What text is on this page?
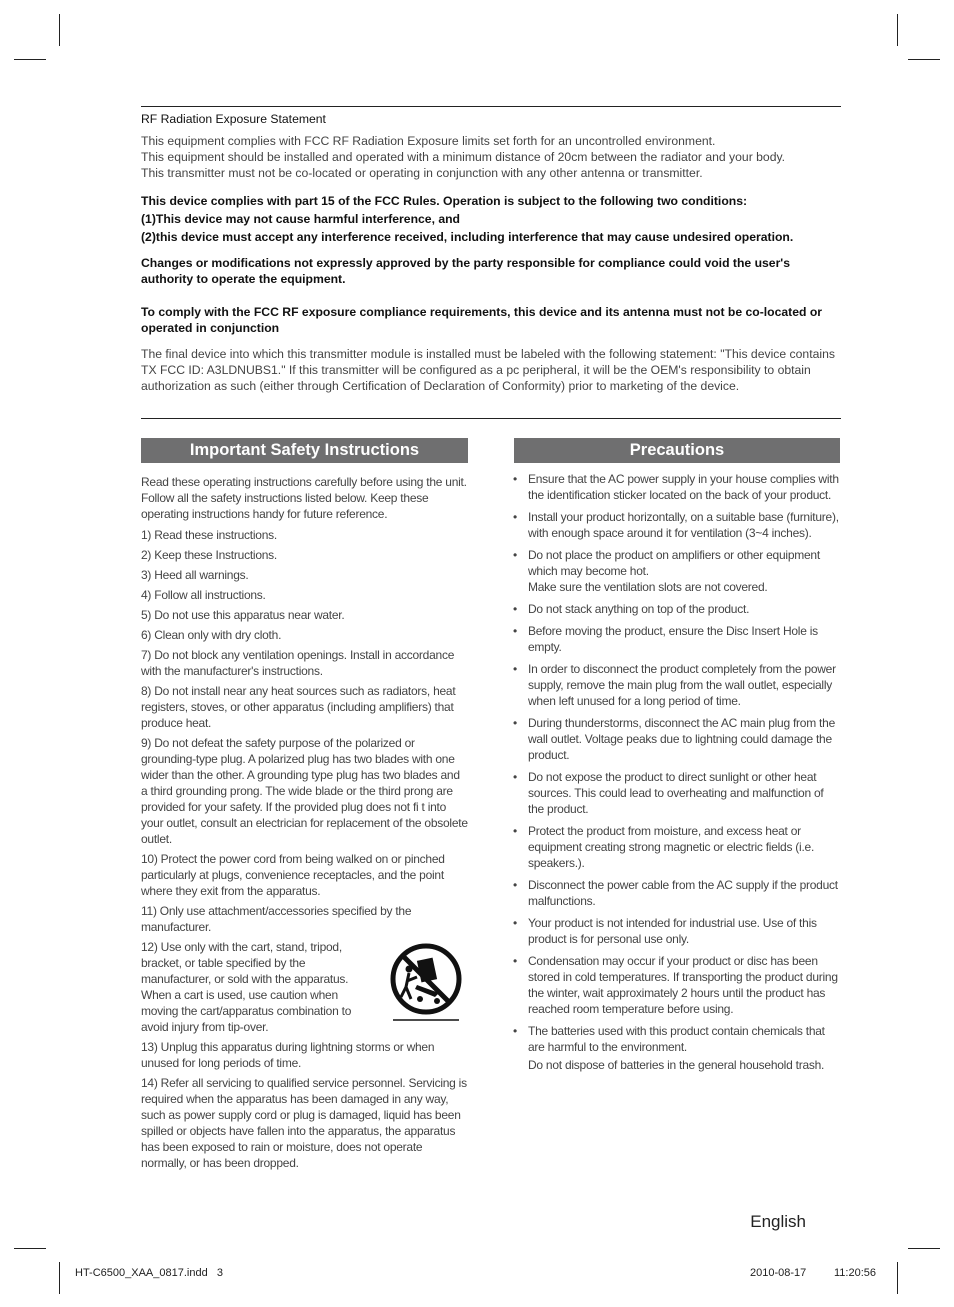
RF Radiation Exposure Statement

This equipment complies with FCC RF Radiation Exposure limits set forth for an uncontrolled environment.

This equipment should be installed and operated with a minimum distance of 20cm between the radiator and your body.

This transmitter must not be co-located or operating in conjunction with any other antenna or transmitter.

This device complies with part 15 of the FCC Rules. Operation is subject to the following two conditions:

(1)This device may not cause harmful interference, and

(2)this device must accept any interference received, including interference that may cause undesired operation.

Changes or modifications not expressly approved by the party responsible for compliance could void the user's authority to operate the equipment.

To comply with the FCC RF exposure compliance requirements, this device and its antenna must not be co-located or operated in conjunction

The final device into which this transmitter module is installed must be labeled with the following statement: "This device contains TX FCC ID: A3LDNUBS1." If this transmitter will be configured as a pc peripheral, it will be the OEM's responsibility to obtain authorization as such (either through Certification of Declaration of Conformity) prior to marketing of the device.

Important Safety Instructions	Precautions

Read these operating instructions carefully before using the unit. Follow all the safety instructions listed below. Keep these operating instructions handy for future reference.

1) Read these instructions.

2) Keep these Instructions.

3) Heed all warnings.

4) Follow all instructions.

5) Do not use this apparatus near water.

6) Clean only with dry cloth.

7) Do not block any ventilation openings. Install in accordance with the manufacturer's instructions.

8) Do not install near any heat sources such as radiators, heat registers, stoves, or other apparatus (including amplifiers) that produce heat.

9) Do not defeat the safety purpose of the polarized or grounding-type plug. A polarized plug has two blades with one wider than the other. A grounding type plug has two blades and a third grounding prong. The wide blade or the third prong are provided for your safety. If the provided plug does not fi t into your outlet, consult an electrician for replacement of the obsolete outlet.

10) Protect the power cord from being walked on or pinched particularly at plugs, convenience receptacles, and the point where they exit from the apparatus.

11) Only use attachment/accessories specified by the manufacturer.

12) Use only with the cart, stand, tripod, bracket, or table specified by the manufacturer, or sold with the apparatus. When a cart is used, use caution when moving the cart/apparatus combination to avoid injury from tip-over.

13) Unplug this apparatus during lightning storms or when unused for long periods of time.

14) Refer all servicing to qualified service personnel. Servicing is required when the apparatus has been damaged in any way, such as power supply cord or plug is damaged, liquid has been spilled or objects have fallen into the apparatus, the apparatus has been exposed to rain or moisture, does not operate normally, or has been dropped.

• Ensure that the AC power supply in your house complies with the identification sticker located on the back of your product.
• Install your product horizontally, on a suitable base (furniture), with enough space around it for ventilation (3~4 inches).
• Do not place the product on amplifiers or other equipment which may become hot.
Make sure the ventilation slots are not covered.
• Do not stack anything on top of the product.
• Before moving the product, ensure the Disc Insert Hole is empty.
• In order to disconnect the product completely from the power supply, remove the main plug from the wall outlet, especially when left unused for a long period of time.
• During thunderstorms, disconnect the AC main plug from the wall outlet. Voltage peaks due to lightning could damage the product.
• Do not expose the product to direct sunlight or other heat sources. This could lead to overheating and malfunction of the product.
• Protect the product from moisture, and excess heat or equipment creating strong magnetic or electric fields (i.e. speakers.).
• Disconnect the power cable from the AC supply if the product malfunctions.
• Your product is not intended for industrial use. Use of this product is for personal use only.
• Condensation may occur if your product or disc has been stored in cold temperatures. If transporting the product during the winter, wait approximately 2 hours until the product has reached room temperature before using.
• The batteries used with this product contain chemicals that are harmful to the environment.
Do not dispose of batteries in the general household trash.
English
HT-C6500_XAA_0817.indd   3	2010-08-17	11:20:56
